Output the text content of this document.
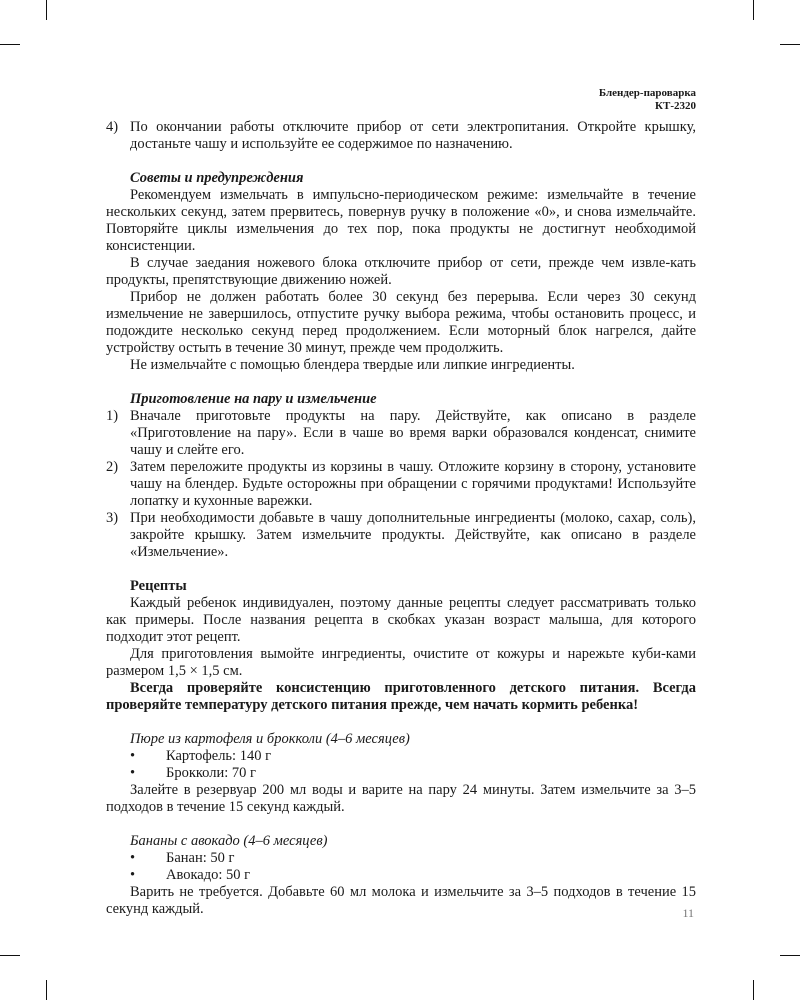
Блендер-пароварка
КТ-2320
4) По окончании работы отключите прибор от сети электропитания. Откройте крышку, достаньте чашу и используйте ее содержимое по назначению.

Советы и предупреждения

Рекомендуем измельчать в импульсно-периодическом режиме: измельчайте в течение нескольких секунд, затем прервитесь, повернув ручку в положение «0», и снова измельчайте. Повторяйте циклы измельчения до тех пор, пока продукты не достигнут необходимой консистенции.

В случае заедания ножевого блока отключите прибор от сети, прежде чем извле-кать продукты, препятствующие движению ножей.

Прибор не должен работать более 30 секунд без перерыва. Если через 30 секунд измельчение не завершилось, отпустите ручку выбора режима, чтобы остановить процесс, и подождите несколько секунд перед продолжением. Если моторный блок нагрелся, дайте устройству остыть в течение 30 минут, прежде чем продолжить.

Не измельчайте с помощью блендера твердые или липкие ингредиенты.

Приготовление на пару и измельчение

1) Вначале приготовьте продукты на пару. Действуйте, как описано в разделе «Приготовление на пару». Если в чаше во время варки образовался конденсат, снимите чашу и слейте его.
2) Затем переложите продукты из корзины в чашу. Отложите корзину в сторону, установите чашу на блендер. Будьте осторожны при обращении с горячими продуктами! Используйте лопатку и кухонные варежки.
3) При необходимости добавьте в чашу дополнительные ингредиенты (молоко, сахар, соль), закройте крышку. Затем измельчите продукты. Действуйте, как описано в разделе «Измельчение».

Рецепты

Каждый ребенок индивидуален, поэтому данные рецепты следует рассматривать только как примеры. После названия рецепта в скобках указан возраст малыша, для которого подходит этот рецепт.

Для приготовления вымойте ингредиенты, очистите от кожуры и нарежьте куби-ками размером 1,5 × 1,5 см.

Всегда проверяйте консистенцию приготовленного детского питания. Всегда проверяйте температуру детского питания прежде, чем начать кормить ребенка!

Пюре из картофеля и брокколи (4–6 месяцев)

•	Картофель: 140 г
•	Брокколи: 70 г

Залейте в резервуар 200 мл воды и варите на пару 24 минуты. Затем измельчите за 3–5 подходов в течение 15 секунд каждый.

Бананы с авокадо (4–6 месяцев)

•	Банан: 50 г
•	Авокадо: 50 г

Варить не требуется. Добавьте 60 мл молока и измельчите за 3–5 подходов в течение 15 секунд каждый.	11
